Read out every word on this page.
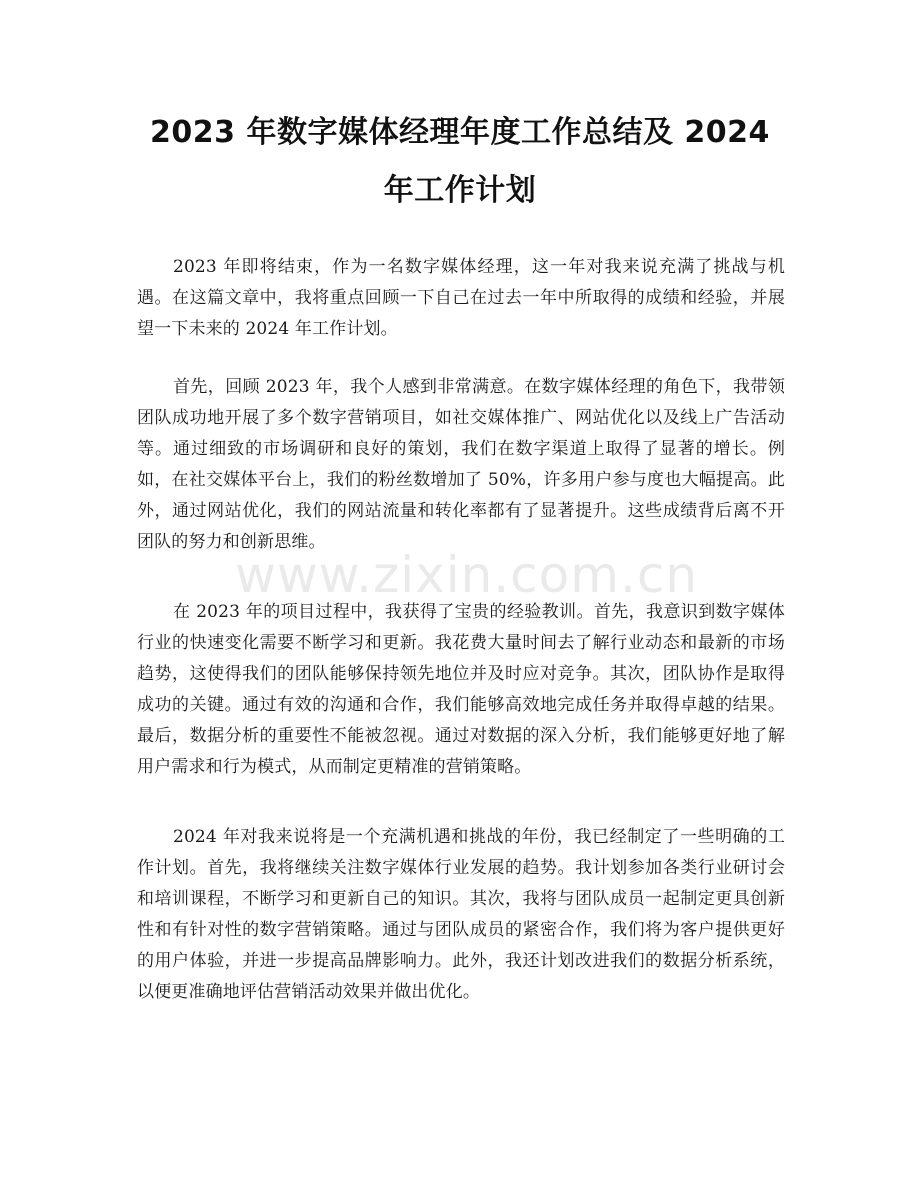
2023 年数字媒体经理年度工作总结及 2024 年工作计划

2023 年即将结束，作为一名数字媒体经理，这一年对我来说充满了挑战与机遇。在这篇文章中，我将重点回顾一下自己在过去一年中所取得的成绩和经验，并展望一下未来的 2024 年工作计划。

首先，回顾 2023 年，我个人感到非常满意。在数字媒体经理的角色下，我带领团队成功地开展了多个数字营销项目，如社交媒体推广、网站优化以及线上广告活动等。通过细致的市场调研和良好的策划，我们在数字渠道上取得了显著的增长。例如，在社交媒体平台上，我们的粉丝数增加了 50%，许多用户参与度也大幅提高。此外，通过网站优化，我们的网站流量和转化率都有了显著提升。这些成绩背后离不开团队的努力和创新思维。

在 2023 年的项目过程中，我获得了宝贵的经验教训。首先，我意识到数字媒体行业的快速变化需要不断学习和更新。我花费大量时间去了解行业动态和最新的市场趋势，这使得我们的团队能够保持领先地位并及时应对竞争。其次，团队协作是取得成功的关键。通过有效的沟通和合作，我们能够高效地完成任务并取得卓越的结果。最后，数据分析的重要性不能被忽视。通过对数据的深入分析，我们能够更好地了解用户需求和行为模式，从而制定更精准的营销策略。

2024 年对我来说将是一个充满机遇和挑战的年份，我已经制定了一些明确的工作计划。首先，我将继续关注数字媒体行业发展的趋势。我计划参加各类行业研讨会和培训课程，不断学习和更新自己的知识。其次，我将与团队成员一起制定更具创新性和有针对性的数字营销策略。通过与团队成员的紧密合作，我们将为客户提供更好的用户体验，并进一步提高品牌影响力。此外，我还计划改进我们的数据分析系统，以便更准确地评估营销活动效果并做出优化。

www.zixin.com.cn
